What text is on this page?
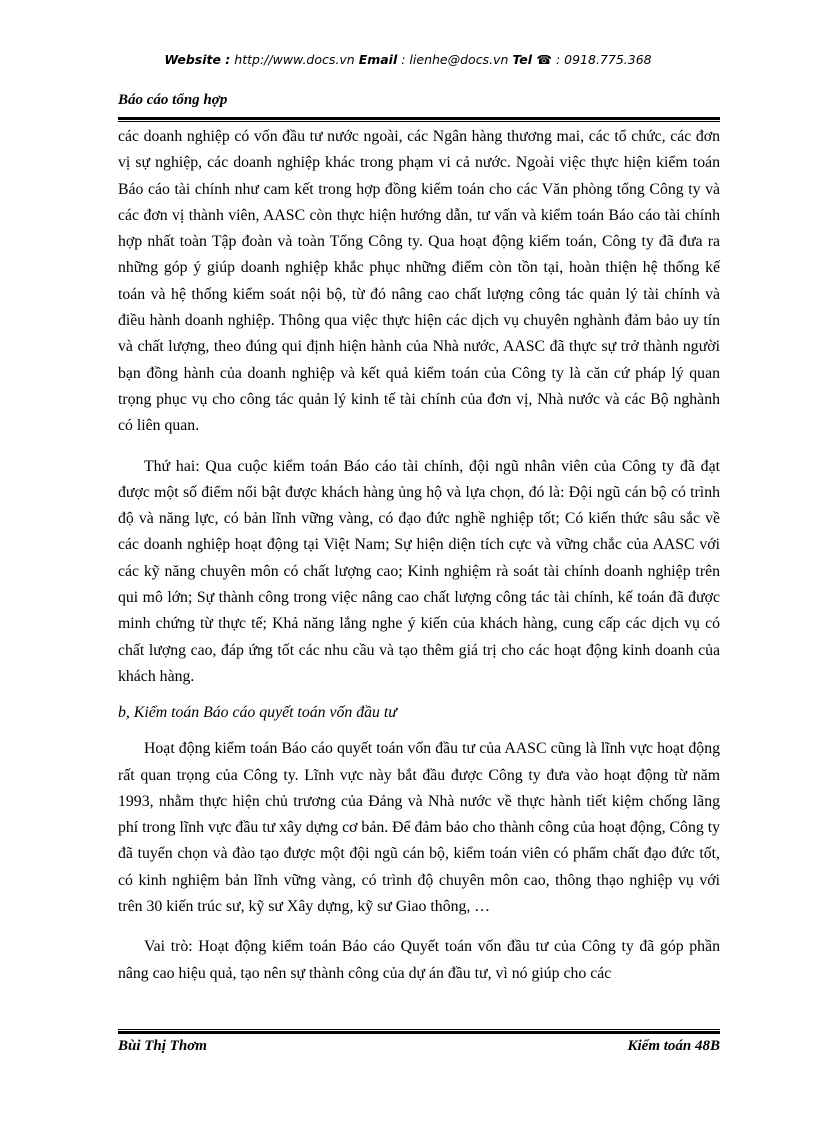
Website : http://www.docs.vn Email : lienhe@docs.vn Tel ☎ : 0918.775.368
Báo cáo tổng hợp

các doanh nghiệp có vốn đầu tư nước ngoài, các Ngân hàng thương mai, các tổ chức, các đơn vị sự nghiệp, các doanh nghiệp khác trong phạm vi cả nước. Ngoài việc thực hiện kiểm toán Báo cáo tài chính như cam kết trong hợp đồng kiểm toán cho các Văn phòng tổng Công ty và các đơn vị thành viên, AASC còn thực hiện hướng dẫn, tư vấn và kiểm toán Báo cáo tài chính hợp nhất toàn Tập đoàn và toàn Tổng Công ty. Qua hoạt động kiểm toán, Công ty đã đưa ra những góp ý giúp doanh nghiệp khắc phục những điểm còn tồn tại, hoàn thiện hệ thống kế toán và hệ thống kiểm soát nội bộ, từ đó nâng cao chất lượng công tác quản lý tài chính và điều hành doanh nghiệp. Thông qua việc thực hiện các dịch vụ chuyên nghành đảm bảo uy tín và chất lượng, theo đúng qui định hiện hành của Nhà nước, AASC đã thực sự trở thành người bạn đồng hành của doanh nghiệp và kết quả kiểm toán của Công ty là căn cứ pháp lý quan trọng phục vụ cho công tác quản lý kinh tế tài chính của đơn vị, Nhà nước và các Bộ nghành có liên quan.

Thứ hai: Qua cuộc kiểm toán Báo cáo tài chính, đội ngũ nhân viên của Công ty đã đạt được một số điểm nổi bật được khách hàng ủng hộ và lựa chọn, đó là: Đội ngũ cán bộ có trình độ và năng lực, có bản lĩnh vững vàng, có đạo đức nghề nghiệp tốt; Có kiến thức sâu sắc về các doanh nghiệp hoạt động tại Việt Nam; Sự hiện diện tích cực và vững chắc của AASC với các kỹ năng chuyên môn có chất lượng cao; Kinh nghiệm rà soát tài chính doanh nghiệp trên qui mô lớn; Sự thành công trong việc nâng cao chất lượng công tác tài chính, kế toán đã được minh chứng từ thực tế; Khả năng lắng nghe ý kiến của khách hàng, cung cấp các dịch vụ có chất lượng cao, đáp ứng tốt các nhu cầu và tạo thêm giá trị cho các hoạt động kinh doanh của khách hàng.

b, Kiểm toán Báo cáo quyết toán vốn đầu tư

Hoạt động kiểm toán Báo cáo quyết toán vốn đầu tư của AASC cũng là lĩnh vực hoạt động rất quan trọng của Công ty. Lĩnh vực này bắt đầu được Công ty đưa vào hoạt động từ năm 1993, nhằm thực hiện chủ trương của Đảng và Nhà nước về thực hành tiết kiệm chống lãng phí trong lĩnh vực đầu tư xây dựng cơ bản. Để đảm bảo cho thành công của hoạt động, Công ty đã tuyển chọn và đào tạo được một đội ngũ cán bộ, kiểm toán viên có phẩm chất đạo đức tốt, có kinh nghiệm bản lĩnh vững vàng, có trình độ chuyên môn cao, thông thạo nghiệp vụ với trên 30 kiến trúc sư, kỹ sư Xây dựng, kỹ sư Giao thông, …

Vai trò: Hoạt động kiểm toán Báo cáo Quyết toán vốn đầu tư của Công ty đã góp phần nâng cao hiệu quả, tạo nên sự thành công của dự án đầu tư, vì nó giúp cho các

Bùi Thị Thơm	Kiểm toán 48B
